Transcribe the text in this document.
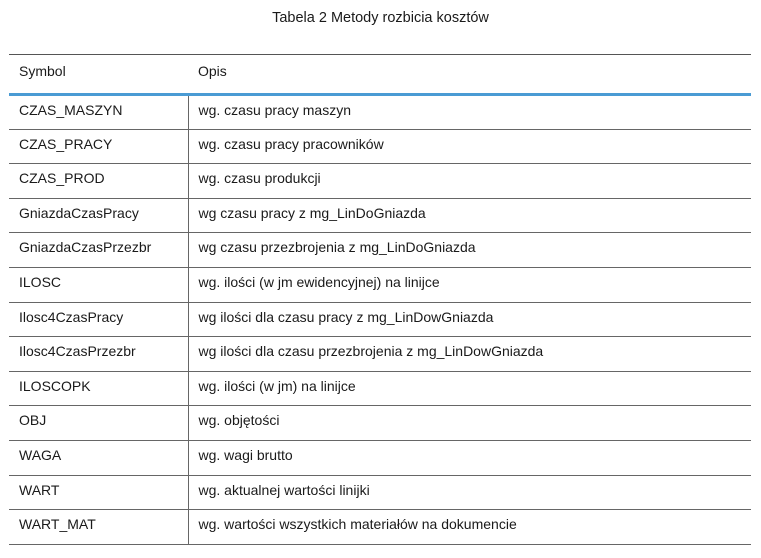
Tabela 2 Metody rozbicia kosztów
Symbol	Opis
CZAS_MASZYN	wg. czasu pracy maszyn
CZAS_PRACY	wg. czasu pracy pracowników
CZAS_PROD	wg. czasu produkcji
GniazdaCzasPracy	wg czasu pracy z mg_LinDoGniazda
GniazdaCzasPrzezbr	wg czasu przezbrojenia z mg_LinDoGniazda
ILOSC	wg. ilości (w jm ewidencyjnej) na linijce
Ilosc4CzasPracy	wg ilości dla czasu pracy z mg_LinDowGniazda
Ilosc4CzasPrzezbr	wg ilości dla czasu przezbrojenia z mg_LinDowGniazda
ILOSCOPK	wg. ilości (w jm) na linijce
OBJ	wg. objętości
WAGA	wg. wagi brutto
WART	wg. aktualnej wartości linijki
WART_MAT	wg. wartości wszystkich materiałów na dokumencie
